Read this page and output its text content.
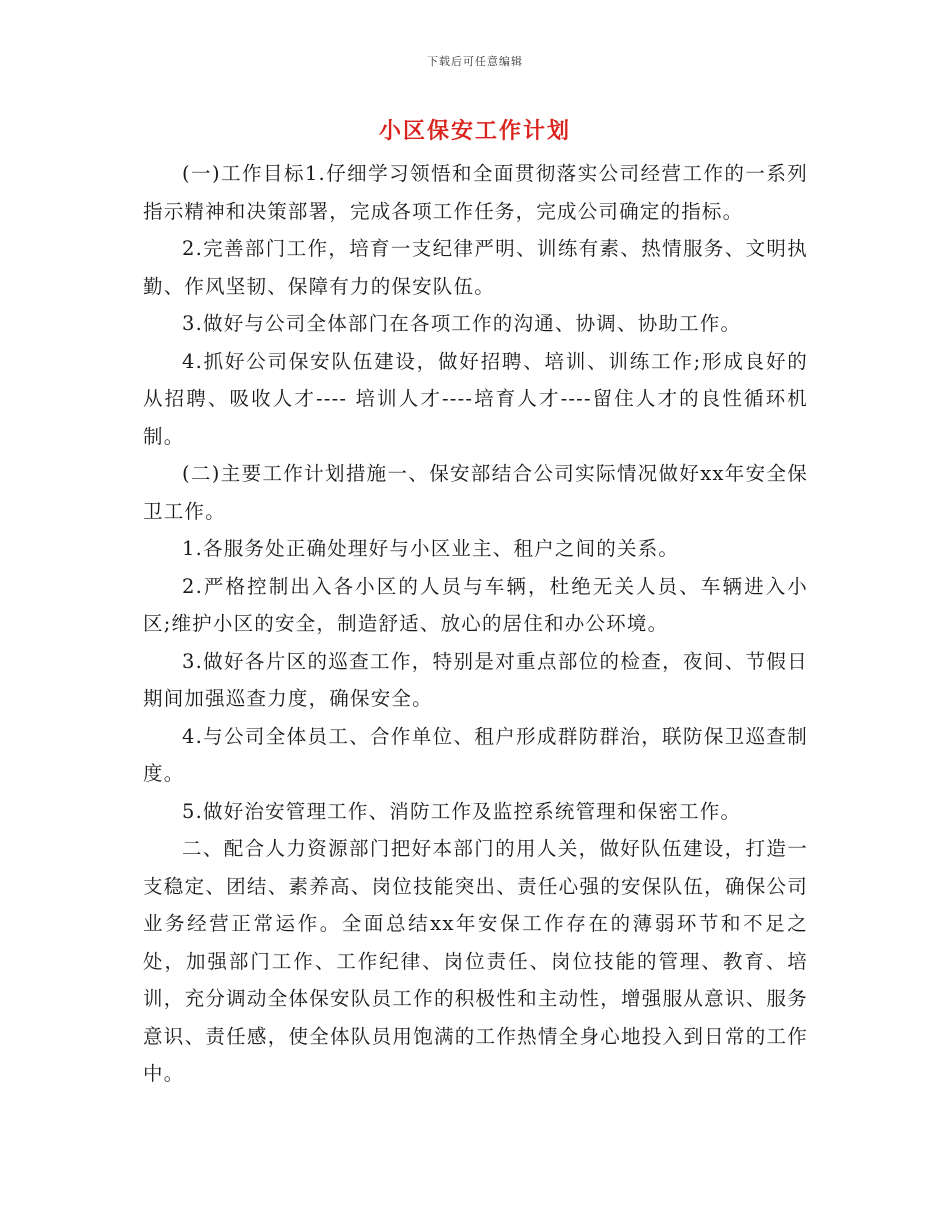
下载后可任意编辑
小区保安工作计划

(一)工作目标1.仔细学习领悟和全面贯彻落实公司经营工作的一系列指示精神和决策部署，完成各项工作任务，完成公司确定的指标。

2.完善部门工作，培育一支纪律严明、训练有素、热情服务、文明执勤、作风坚韧、保障有力的保安队伍。

3.做好与公司全体部门在各项工作的沟通、协调、协助工作。

4.抓好公司保安队伍建设，做好招聘、培训、训练工作;形成良好的从招聘、吸收人才---- 培训人才----培育人才----留住人才的良性循环机制。

(二)主要工作计划措施一、保安部结合公司实际情况做好xx年安全保卫工作。

1.各服务处正确处理好与小区业主、租户之间的关系。

2.严格控制出入各小区的人员与车辆，杜绝无关人员、车辆进入小区;维护小区的安全，制造舒适、放心的居住和办公环境。

3.做好各片区的巡查工作，特别是对重点部位的检查，夜间、节假日期间加强巡查力度，确保安全。

4.与公司全体员工、合作单位、租户形成群防群治，联防保卫巡查制度。

5.做好治安管理工作、消防工作及监控系统管理和保密工作。

二、配合人力资源部门把好本部门的用人关，做好队伍建设，打造一支稳定、团结、素养高、岗位技能突出、责任心强的安保队伍，确保公司业务经营正常运作。全面总结xx年安保工作存在的薄弱环节和不足之处，加强部门工作、工作纪律、岗位责任、岗位技能的管理、教育、培训，充分调动全体保安队员工作的积极性和主动性，增强服从意识、服务意识、责任感，使全体队员用饱满的工作热情全身心地投入到日常的工作中。
